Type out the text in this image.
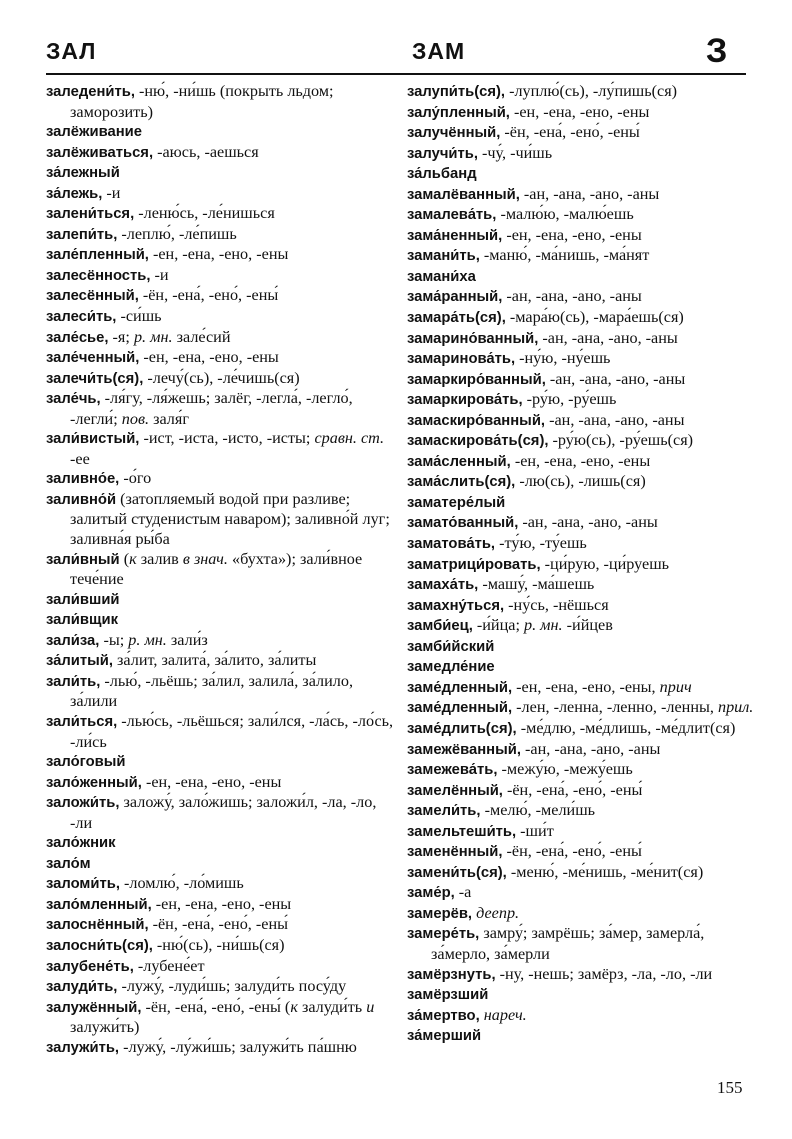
ЗАЛ	ЗАМ	З
заледени́ть, -ню́, -ни́шь (покрыть льдом; заморозить)
залёживание
залёживаться, -аюсь, -аешься
за́лежный
за́лежь, -и
залени́ться, -леню́сь, -ле́нишься
залепи́ть, -леплю́, -ле́пишь
зале́пленный, -ен, -ена, -ено, -ены
залесённость, -и
залесённый, -ён, -ена́, -ено́, -ены́
залеси́ть, -си́шь
зале́сье, -я; р. мн. зале́сий
зале́ченный, -ен, -ена, -ено, -ены
залечи́ть(ся), -лечу́(сь), -ле́чишь(ся)
зале́чь, -ля́гу, -ля́жешь; залёг, -легла́, -легло́, -легли́; пов. заля́г
зали́вистый, -ист, -иста, -исто, -исты; сравн. ст. -ее
заливно́е, -о́го
заливно́й (затопляемый водой при разливе; залитый студенистым наваром); заливно́й луг; заливна́я ры́ба
зали́вный (к залив в знач. «бухта»); зали́вное тече́ние
зали́вший
зали́вщик
зали́за, -ы; р. мн. зали́з
за́литый, за́лит, залита́, за́лито, за́литы
зали́ть, -лью́, -льёшь; за́лил, залила́, за́лило, за́лили
зали́ться, -лью́сь, -льёшься; зали́лся, -ла́сь, -ло́сь, -ли́сь
зало́говый
зало́женный, -ен, -ена, -ено, -ены
заложи́ть, заложу́, зало́жишь; заложи́л, -ла, -ло, -ли
зало́жник
зало́м
заломи́ть, -ломлю́, -ло́мишь
зало́мленный, -ен, -ена, -ено, -ены
залоснённый, -ён, -ена́, -ено́, -ены́
залосни́ть(ся), -ню́(сь), -ни́шь(ся)
залубене́ть, -лубене́ет
залуди́ть, -лужу́, -луди́шь; залуди́ть посу́ду
залужённый, -ён, -ена́, -ено́, -ены́ (к залуди́ть и залужи́ть)
залужи́ть, -лужу́, -лу́жи́шь; залужи́ть па́шню
залупи́ть(ся), -луплю́(сь), -лу́пишь(ся)
залу́пленный, -ен, -ена, -ено, -ены
залучённый, -ён, -ена́, -ено́, -ены́
залучи́ть, -чу́, -чи́шь
за́льбанд
замалёванный, -ан, -ана, -ано, -аны
замалева́ть, -малю́ю, -малю́ешь
зама́ненный, -ен, -ена, -ено, -ены
замани́ть, -маню́, -ма́нишь, -ма́нят
замани́ха
зама́ранный, -ан, -ана, -ано, -аны
замара́ть(ся), -мара́ю(сь), -мара́ешь(ся)
замарино́ванный, -ан, -ана, -ано, -аны
замаринова́ть, -ну́ю, -ну́ешь
замаркиро́ванный, -ан, -ана, -ано, -аны
замаркирова́ть, -ру́ю, -ру́ешь
замаскиро́ванный, -ан, -ана, -ано, -аны
замаскирова́ть(ся), -ру́ю(сь), -ру́ешь(ся)
зама́сленный, -ен, -ена, -ено, -ены
зама́слить(ся), -лю(сь), -лишь(ся)
заматере́лый
замато́ванный, -ан, -ана, -ано, -аны
заматова́ть, -ту́ю, -ту́ешь
заматрици́ровать, -ци́рую, -ци́руешь
замаха́ть, -машу́, -ма́шешь
замахну́ться, -ну́сь, -нёшься
замби́ец, -и́йца; р. мн. -и́йцев
замби́йский
замедле́ние
заме́дленный, -ен, -ена, -ено, -ены, прич
заме́дленный, -лен, -ленна, -ленно, -ленны, прил.
заме́длить(ся), -ме́длю, -ме́длишь, -ме́длит(ся)
замежёванный, -ан, -ана, -ано, -аны
замежева́ть, -межу́ю, -межу́ешь
замелённый, -ён, -ена́, -ено́, -ены́
замели́ть, -мелю́, -мели́шь
замельтеши́ть, -ши́т
заменённый, -ён, -ена́, -ено́, -ены́
замени́ть(ся), -меню́, -ме́нишь, -ме́нит(ся)
заме́р, -а
замерёв, деепр.
замере́ть, замру́; замрёшь; за́мер, замерла́, за́мерло, за́мерли
замёрзнуть, -ну, -нешь; замёрз, -ла, -ло, -ли
замёрзший
за́мертво, нареч.
за́мерший
155
